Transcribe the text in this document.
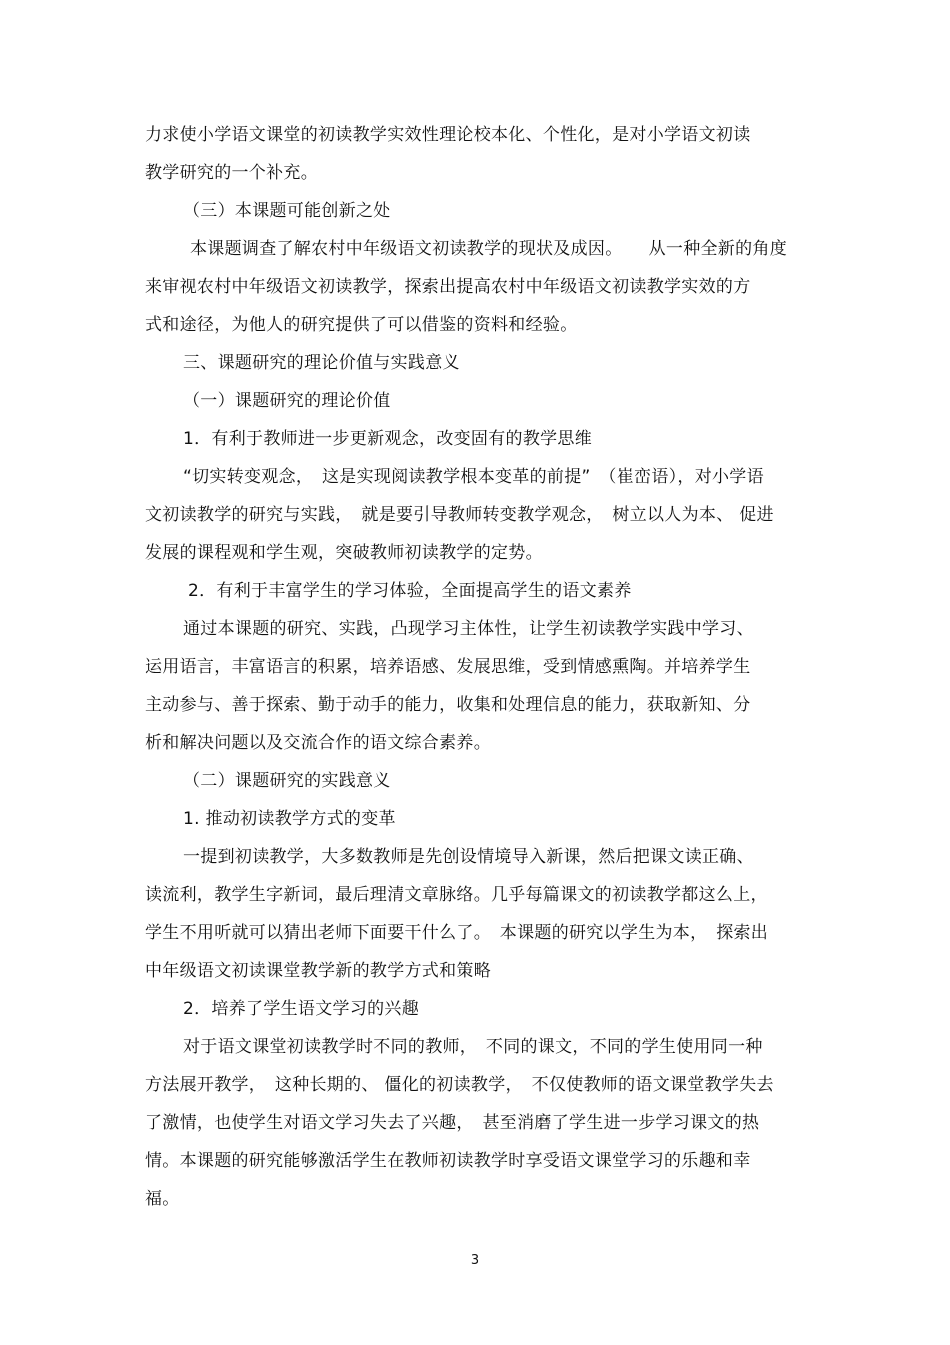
力求使小学语文课堂的初读教学实效性理论校本化、个性化，是对小学语文初读
教学研究的一个补充。
（三）本课题可能创新之处
本课题调查了解农村中年级语文初读教学的现状及成因。　　从一种全新的角度
来审视农村中年级语文初读教学，探索出提高农村中年级语文初读教学实效的方
式和途径，为他人的研究提供了可以借鉴的资料和经验。
三、课题研究的理论价值与实践意义
（一）课题研究的理论价值
1．有利于教师进一步更新观念，改变固有的教学思维
“切实转变观念，　这是实现阅读教学根本变革的前提”　（崔峦语），对小学语
文初读教学的研究与实践，　就是要引导教师转变教学观念，　树立以人为本、 促进
发展的课程观和学生观，突破教师初读教学的定势。
2．有利于丰富学生的学习体验，全面提高学生的语文素养
通过本课题的研究、实践，凸现学习主体性，让学生初读教学实践中学习、
运用语言，丰富语言的积累，培养语感、发展思维，受到情感熏陶。并培养学生
主动参与、善于探索、勤于动手的能力，收集和处理信息的能力，获取新知、分
析和解决问题以及交流合作的语文综合素养。
（二）课题研究的实践意义
1. 推动初读教学方式的变革
一提到初读教学，大多数教师是先创设情境导入新课，然后把课文读正确、
读流利，教学生字新词，最后理清文章脉络。几乎每篇课文的初读教学都这么上，
学生不用听就可以猜出老师下面要干什么了。　本课题的研究以学生为本，　探索出
中年级语文初读课堂教学新的教学方式和策略
2．培养了学生语文学习的兴趣
对于语文课堂初读教学时不同的教师，　不同的课文，不同的学生使用同一种
方法展开教学，　这种长期的、 僵化的初读教学，　不仅使教师的语文课堂教学失去
了激情，也使学生对语文学习失去了兴趣，　甚至消磨了学生进一步学习课文的热
情。本课题的研究能够激活学生在教师初读教学时享受语文课堂学习的乐趣和幸
福。
3
